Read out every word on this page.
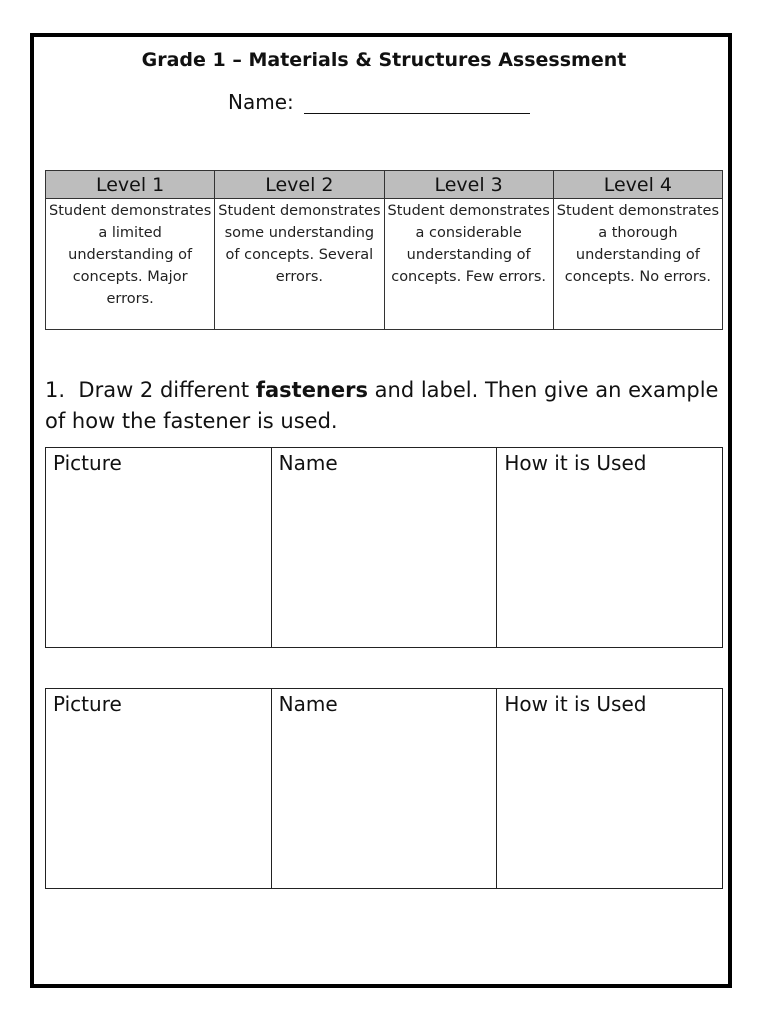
Grade 1 – Materials & Structures Assessment
Name:
Level 1	Level 2	Level 3	Level 4
Student demonstrates a limited understanding of concepts. Major errors.	Student demonstrates some understanding of concepts. Several errors.	Student demonstrates a considerable understanding of concepts. Few errors.	Student demonstrates a thorough understanding of concepts. No errors.
1. Draw 2 different fasteners and label. Then give an example of how the fastener is used.
Picture	Name	How it is Used
Picture	Name	How it is Used
